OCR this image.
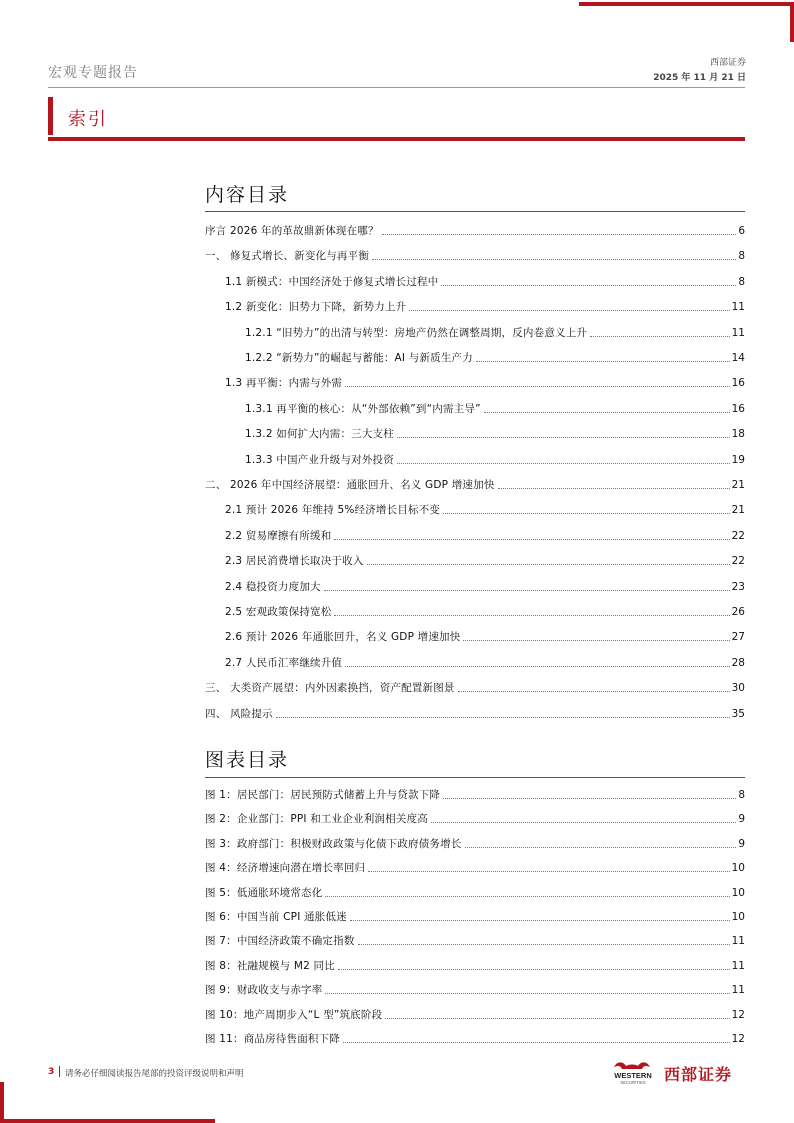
宏观专题报告
西部证券
2025 年 11 月 21 日
索引
内容目录
序言 2026 年的革故鼎新体现在哪？	6
一、 修复式增长、新变化与再平衡	8
1.1 新模式：中国经济处于修复式增长过程中	8
1.2 新变化：旧势力下降，新势力上升	11
1.2.1 “旧势力”的出清与转型：房地产仍然在调整周期，反内卷意义上升	11
1.2.2 “新势力”的崛起与蓄能：AI 与新质生产力	14
1.3 再平衡：内需与外需	16
1.3.1 再平衡的核心：从“外部依赖”到“内需主导”	16
1.3.2 如何扩大内需：三大支柱	18
1.3.3 中国产业升级与对外投资	19
二、 2026 年中国经济展望：通胀回升、名义 GDP 增速加快	21
2.1 预计 2026 年维持 5%经济增长目标不变	21
2.2 贸易摩擦有所缓和	22
2.3 居民消费增长取决于收入	22
2.4 稳投资力度加大	23
2.5 宏观政策保持宽松	26
2.6 预计 2026 年通胀回升，名义 GDP 增速加快	27
2.7 人民币汇率继续升值	28
三、 大类资产展望：内外因素换挡，资产配置新图景	30
四、 风险提示	35
图表目录
图 1：居民部门：居民预防式储蓄上升与贷款下降	8
图 2：企业部门：PPI 和工业企业利润相关度高	9
图 3：政府部门：积极财政政策与化债下政府债务增长	9
图 4：经济增速向潜在增长率回归	10
图 5：低通胀环境常态化	10
图 6：中国当前 CPI 通胀低迷	10
图 7：中国经济政策不确定指数	11
图 8：社融规模与 M2 同比	11
图 9：财政收支与赤字率	11
图 10：地产周期步入“L 型”筑底阶段	12
图 11：商品房待售面积下降	12
3 请务必仔细阅读报告尾部的投资评级说明和声明	WESTERN
SECURITIES 西部证券
